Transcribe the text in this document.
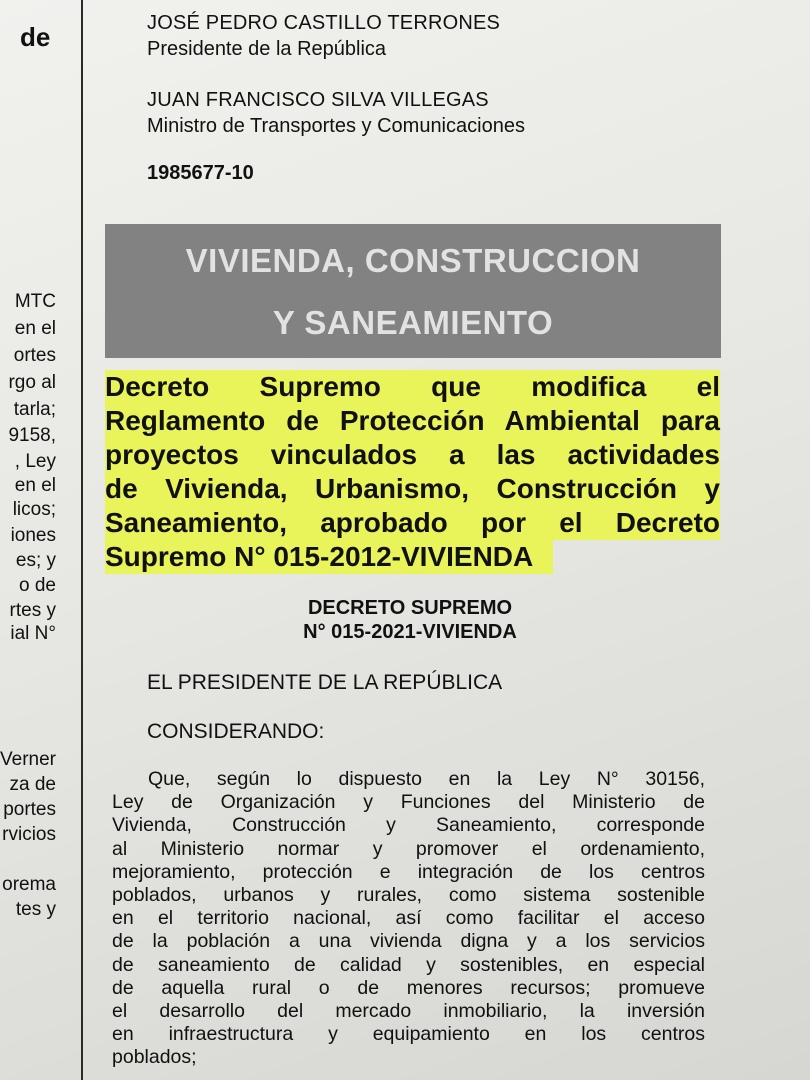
de
MTC
en el
ortes
rgo al
tarla;
9158,
, Ley
en el
licos;
iones
es; y
o de
rtes y
ial N°
Verner
za de
portes
rvicios
orema
tes y
JOSÉ PEDRO CASTILLO TERRONES
Presidente de la República
JUAN FRANCISCO SILVA VILLEGAS
Ministro de Transportes y Comunicaciones
1985677-10
VIVIENDA, CONSTRUCCION
Y SANEAMIENTO
Decreto Supremo que modifica el
Reglamento de Protección Ambiental para
proyectos vinculados a las actividades
de Vivienda, Urbanismo, Construcción y
Saneamiento, aprobado por el Decreto
Supremo N° 015-2012-VIVIENDA
DECRETO SUPREMO
N° 015-2021-VIVIENDA
EL PRESIDENTE DE LA REPÚBLICA
CONSIDERANDO:
Que, según lo dispuesto en la Ley N° 30156,
Ley de Organización y Funciones del Ministerio de
Vivienda, Construcción y Saneamiento, corresponde
al Ministerio normar y promover el ordenamiento,
mejoramiento, protección e integración de los centros
poblados, urbanos y rurales, como sistema sostenible
en el territorio nacional, así como facilitar el acceso
de la población a una vivienda digna y a los servicios
de saneamiento de calidad y sostenibles, en especial
de aquella rural o de menores recursos; promueve
el desarrollo del mercado inmobiliario, la inversión
en infraestructura y equipamiento en los centros
poblados;
